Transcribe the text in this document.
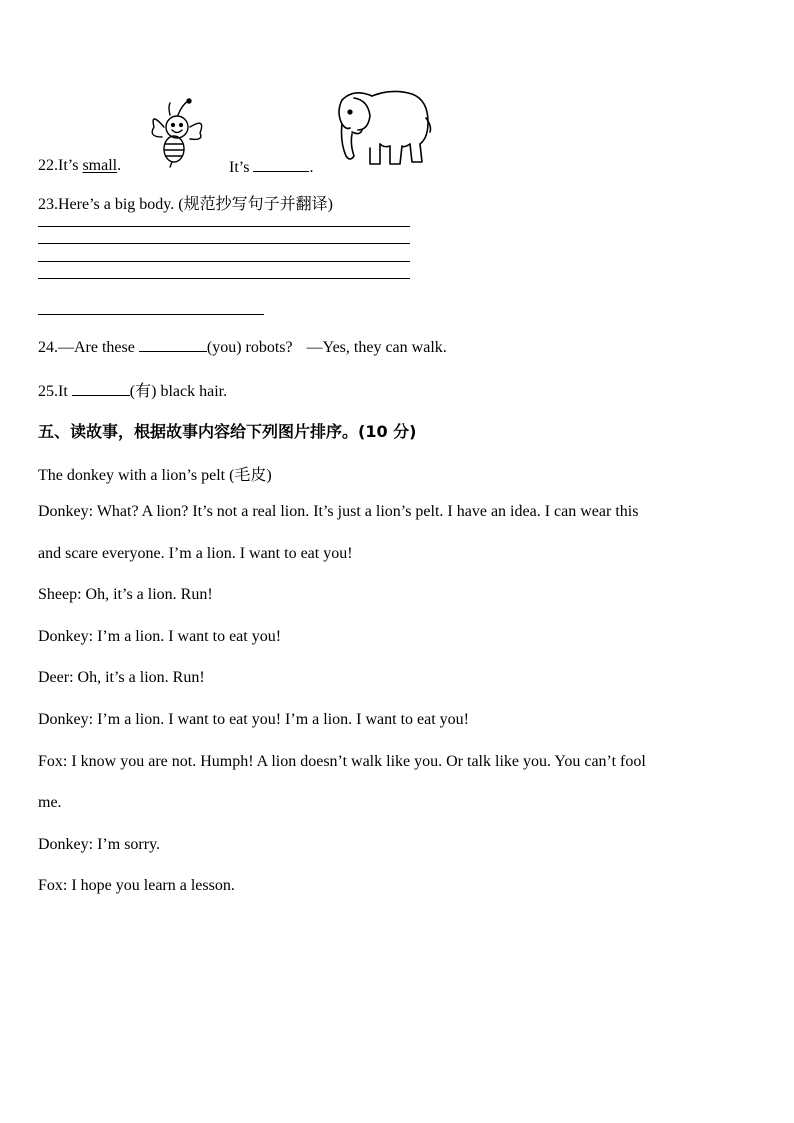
22.It’s small.	It’s	.
23.Here’s a big body. (规范抄写句子并翻译)
24.—Are these	(you) robots? —Yes, they can walk.
25.It	(有) black hair.
五、读故事，根据故事内容给下列图片排序。(10 分)
The donkey with a lion’s pelt (毛皮)
Donkey: What? A lion? It’s not a real lion. It’s just a lion’s pelt. I have an idea. I can wear this
and scare everyone. I’m a lion. I want to eat you!
Sheep: Oh, it’s a lion. Run!
Donkey: I’m a lion. I want to eat you!
Deer: Oh, it’s a lion. Run!
Donkey: I’m a lion. I want to eat you! I’m a lion. I want to eat you!
Fox: I know you are not. Humph! A lion doesn’t walk like you. Or talk like you. You can’t fool
me.
Donkey: I’m sorry.
Fox: I hope you learn a lesson.
